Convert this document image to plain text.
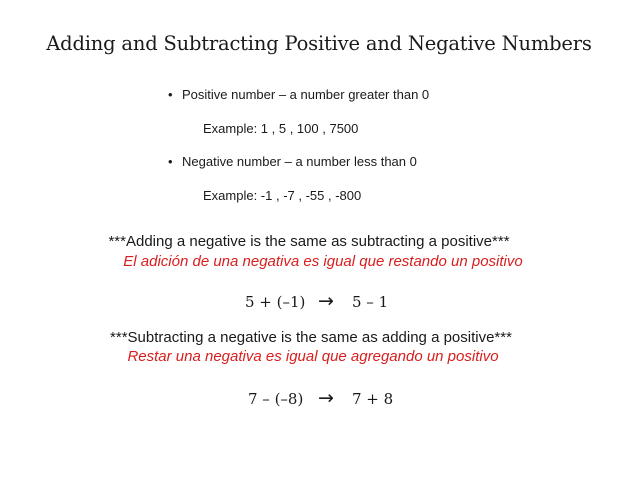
Adding and Subtracting Positive and Negative Numbers
• Positive number – a number greater than 0
Example: 1 , 5 , 100 , 7500
• Negative number – a number less than 0
Example: -1 , -7 , -55 , -800
***Adding a negative is the same as subtracting a positive***
El adición de una negativa es igual que restando un positivo
5 + (–1) → 5 – 1
***Subtracting a negative is the same as adding a positive***
Restar una negativa es igual que agregando un positivo
7 – (–8) → 7 + 8
